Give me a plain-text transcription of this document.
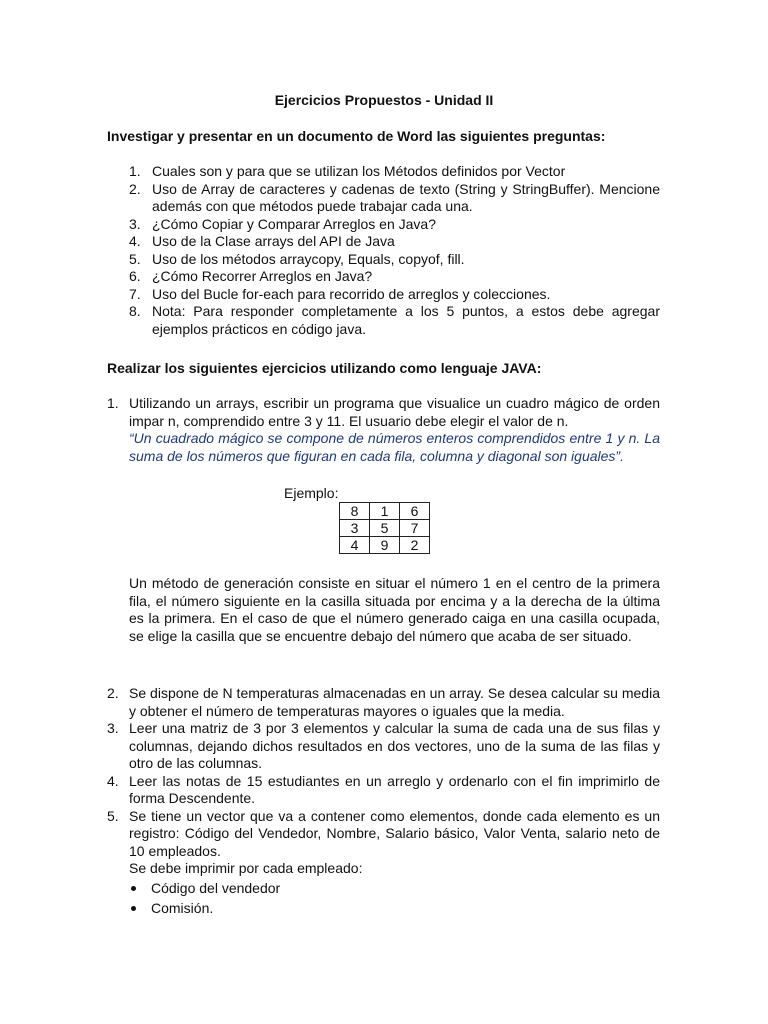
Ejercicios Propuestos - Unidad II
Investigar y presentar en un documento de Word las siguientes preguntas:
1. Cuales son y para que se utilizan los Métodos definidos por Vector
2. Uso de Array de caracteres y cadenas de texto (String y StringBuffer). Mencione además con que métodos puede trabajar cada una.
3. ¿Cómo Copiar y Comparar Arreglos en Java?
4. Uso de la Clase arrays del API de Java
5. Uso de los métodos arraycopy, Equals, copyof, fill.
6. ¿Cómo Recorrer Arreglos en Java?
7. Uso del Bucle for-each para recorrido de arreglos y colecciones.
8. Nota: Para responder completamente a los 5 puntos, a estos debe agregar ejemplos prácticos en código java.
Realizar los siguientes ejercicios utilizando como lenguaje JAVA:
1. Utilizando un arrays, escribir un programa que visualice un cuadro mágico de orden impar n, comprendido entre 3 y 11. El usuario debe elegir el valor de n.
“Un cuadrado mágico se compone de números enteros comprendidos entre 1 y n. La suma de los números que figuran en cada fila, columna y diagonal son iguales”.
Ejemplo:
8	1	6
3	5	7
4	9	2
Un método de generación consiste en situar el número 1 en el centro de la primera fila, el número siguiente en la casilla situada por encima y a la derecha de la última es la primera. En el caso de que el número generado caiga en una casilla ocupada, se elige la casilla que se encuentre debajo del número que acaba de ser situado.
2. Se dispone de N temperaturas almacenadas en un array. Se desea calcular su media y obtener el número de temperaturas mayores o iguales que la media.
3. Leer una matriz de 3 por 3 elementos y calcular la suma de cada una de sus filas y columnas, dejando dichos resultados en dos vectores, uno de la suma de las filas y otro de las columnas.
4. Leer las notas de 15 estudiantes en un arreglo y ordenarlo con el fin imprimirlo de forma Descendente.
5. Se tiene un vector que va a contener como elementos, donde cada elemento es un registro: Código del Vendedor, Nombre, Salario básico, Valor Venta, salario neto de 10 empleados.
Se debe imprimir por cada empleado:
Código del vendedor
Comisión.
